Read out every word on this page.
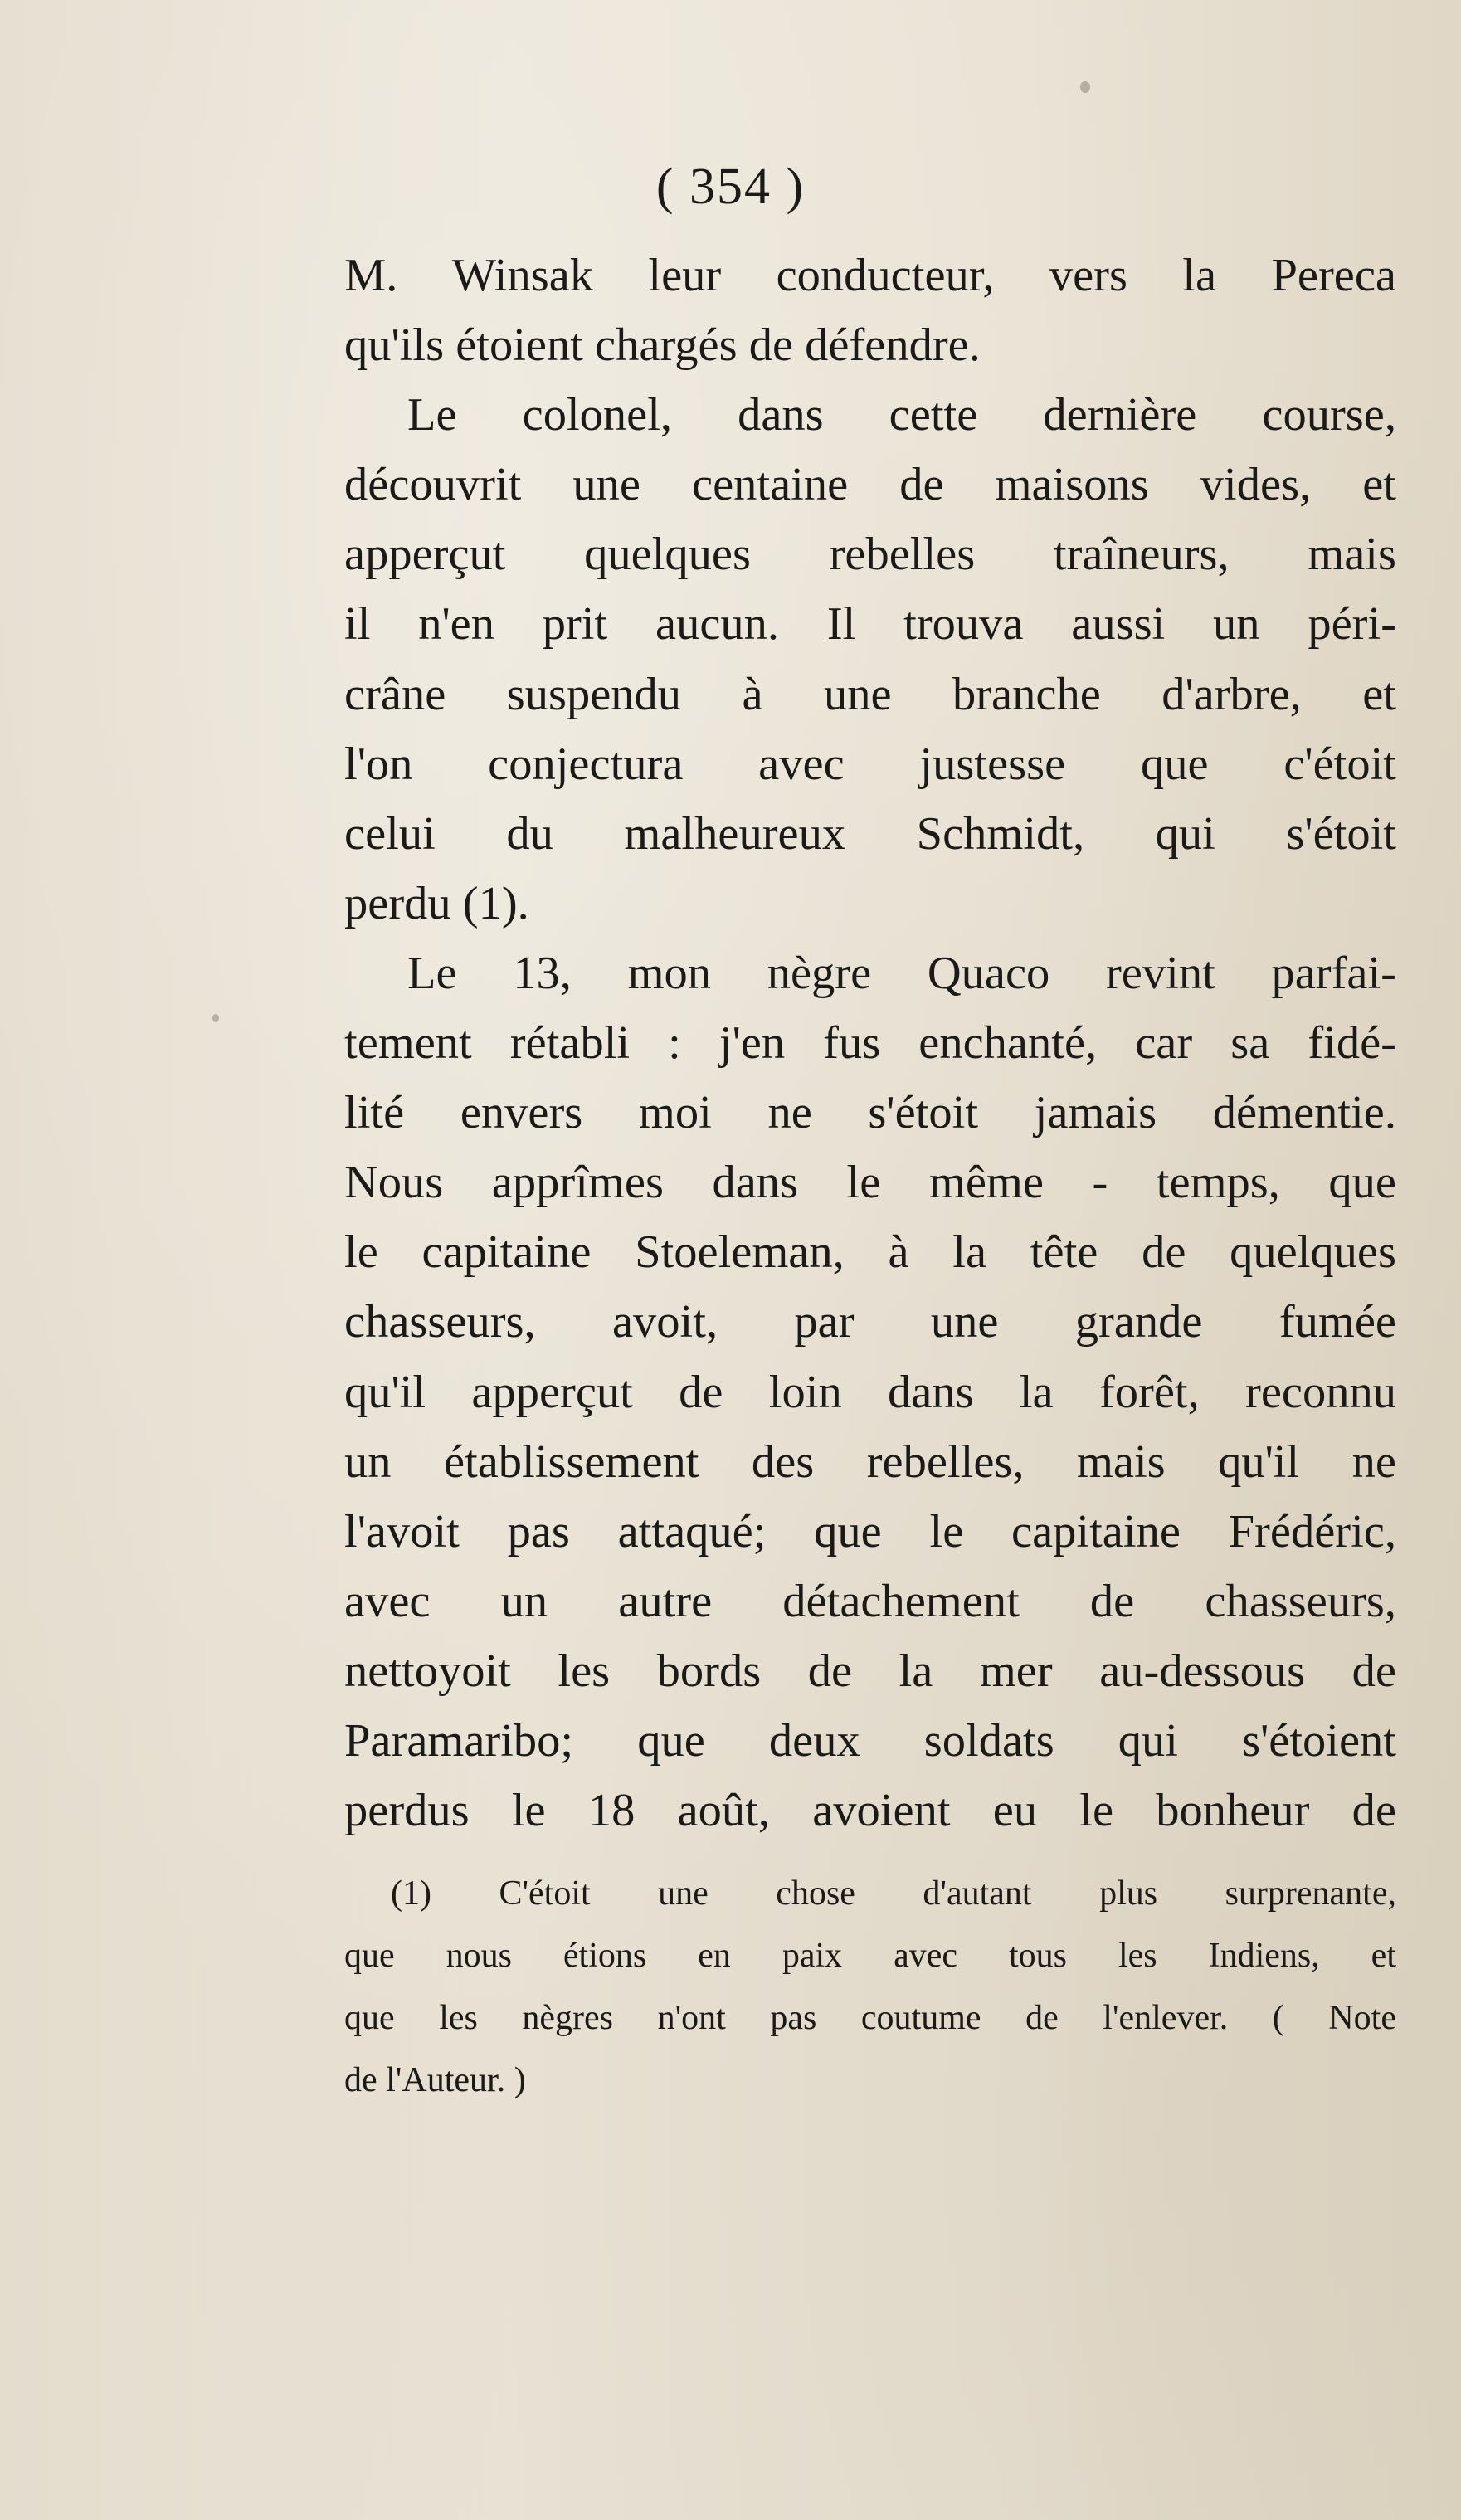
( 354 )
M. Winsak leur conducteur, vers la Pereca
qu'ils étoient chargés de défendre.
Le colonel, dans cette dernière course,
découvrit une centaine de maisons vides, et
apperçut quelques rebelles traîneurs, mais
il n'en prit aucun. Il trouva aussi un péri-
crâne suspendu à une branche d'arbre, et
l'on conjectura avec justesse que c'étoit
celui du malheureux Schmidt, qui s'étoit
perdu (1).
Le 13, mon nègre Quaco revint parfai-
tement rétabli : j'en fus enchanté, car sa fidé-
lité envers moi ne s'étoit jamais démentie.
Nous apprîmes dans le même - temps, que
le capitaine Stoeleman, à la tête de quelques
chasseurs, avoit, par une grande fumée
qu'il apperçut de loin dans la forêt, reconnu
un établissement des rebelles, mais qu'il ne
l'avoit pas attaqué; que le capitaine Frédéric,
avec un autre détachement de chasseurs,
nettoyoit les bords de la mer au-dessous de
Paramaribo; que deux soldats qui s'étoient
perdus le 18 août, avoient eu le bonheur de
(1) C'étoit une chose d'autant plus surprenante,
que nous étions en paix avec tous les Indiens, et
que les nègres n'ont pas coutume de l'enlever. ( Note
de l'Auteur. )
